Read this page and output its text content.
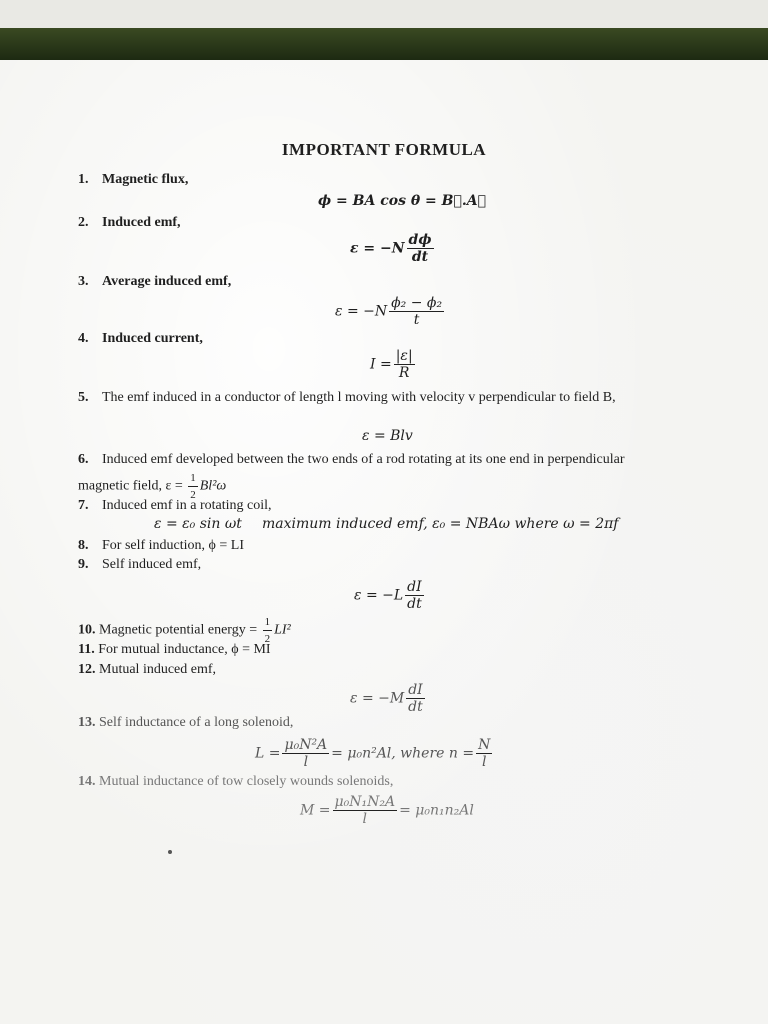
IMPORTANT FORMULA
1. Magnetic flux,
ϕ = BA cos θ = B⃗.A⃗
2. Induced emf,
$\varepsilon = -N \frac{d\phi}{dt}$
3. Average induced emf,
$\varepsilon = -N \frac{\text{ϕ₂ − ϕ₂}}{t}$
4. Induced current,
$I = \frac{|\varepsilon|}{R}$
5. The emf induced in a conductor of length l moving with velocity v perpendicular to field B,
ε = Blv
6. Induced emf developed between the two ends of a rod rotating at its one end in perpendicular magnetic field, $\varepsilon = \frac{1}{2} Bl^2\omega$
7. Induced emf in a rotating coil,
ε = ε₀ sin ωt maximum induced emf, ε₀ = NBAω where ω = 2πf
8. For self induction, ϕ = LI
9. Self induced emf,
$\varepsilon = -L \frac{dI}{dt}$
10. Magnetic potential energy = $\frac{1}{2} LI^2$
11. For mutual inductance, ϕ = MI
12. Mutual induced emf,
$\varepsilon = -M \frac{dI}{dt}$
13. Self inductance of a long solenoid,
$L = \frac{\text{μ₀N²A}}{l} = \mu_0n^2Al$, where $n = \frac{N}{l}$
14. Mutual inductance of tow closely wounds solenoids,
$M = \frac{\text{μ₀N₁N₂A}}{l} = \mu_0n_1n_2Al$
